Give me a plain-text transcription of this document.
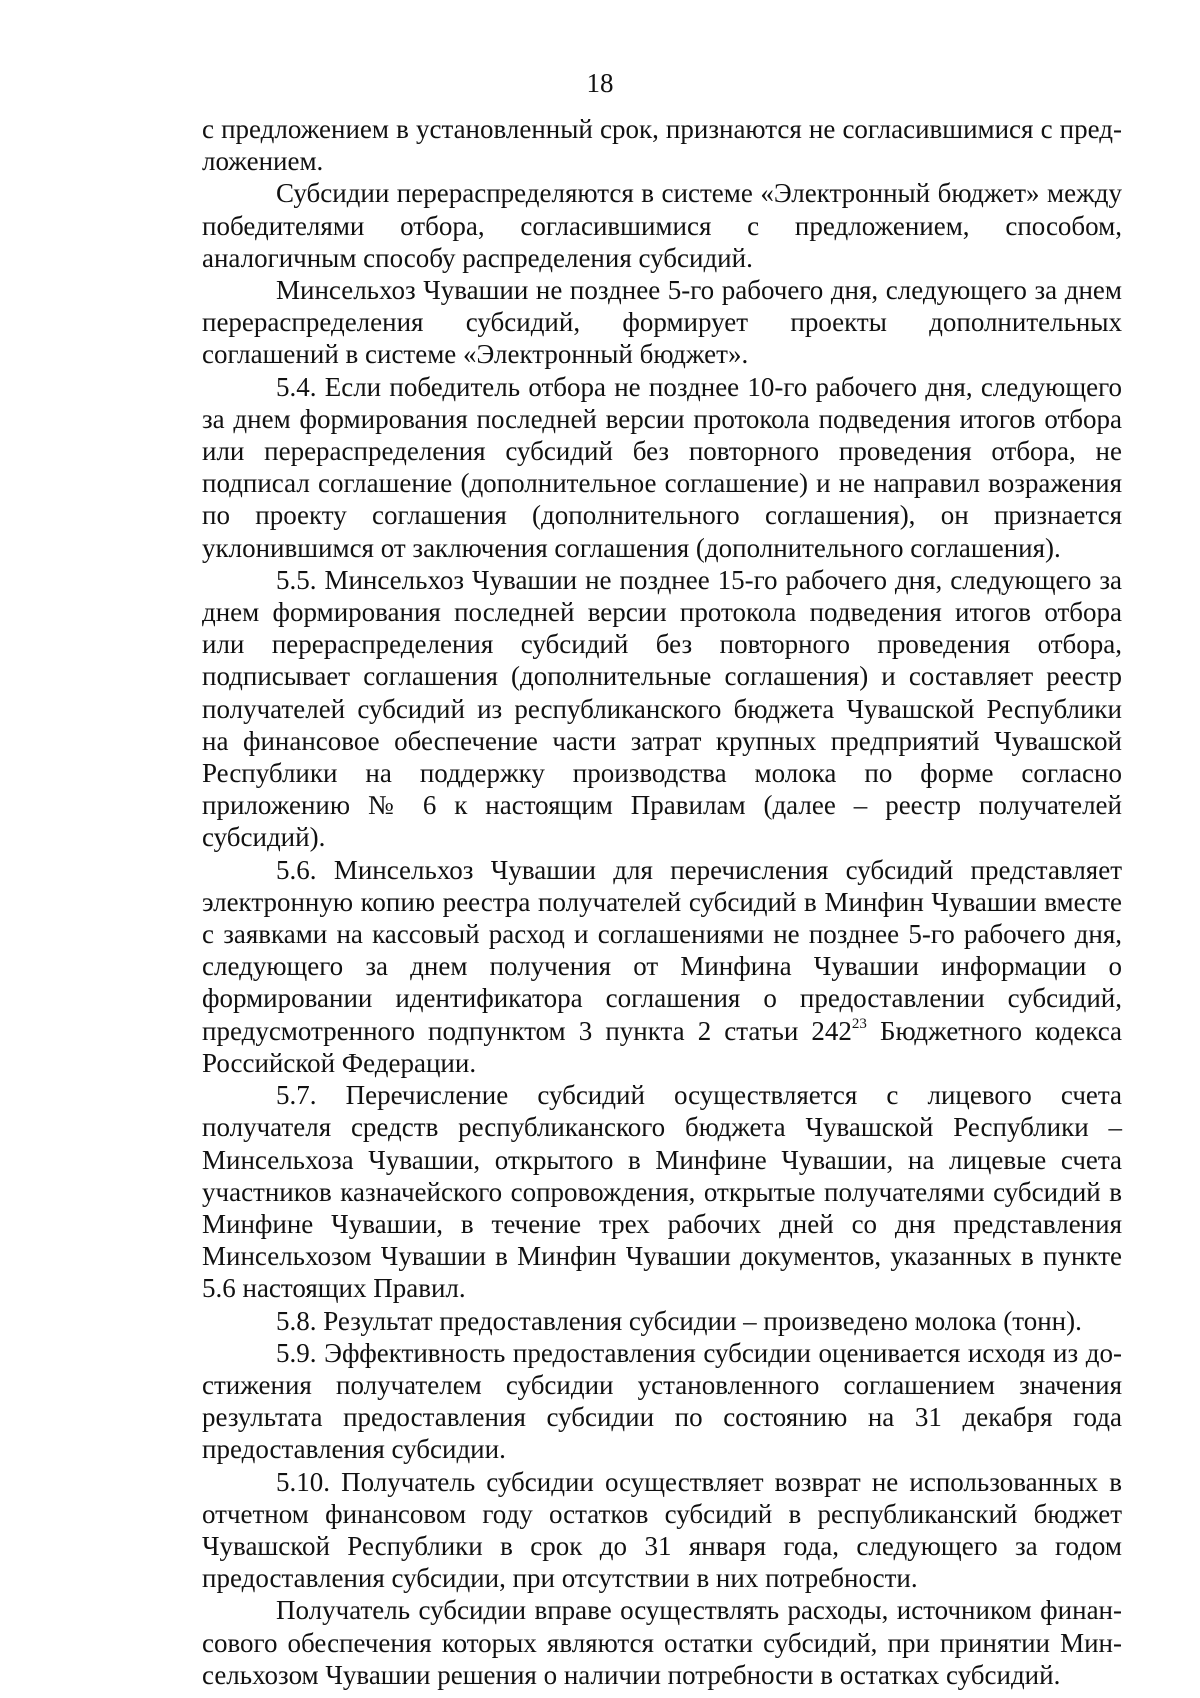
18

с предложением в установленный срок, признаются не согласившимися с предложением.

Субсидии перераспределяются в системе «Электронный бюджет» между победителями отбора, согласившимися с предложением, способом, аналогичным способу распределения субсидий.

Минсельхоз Чувашии не позднее 5-го рабочего дня, следующего за днем перераспределения субсидий, формирует проекты дополнительных соглашений в системе «Электронный бюджет».

5.4. Если победитель отбора не позднее 10-го рабочего дня, следующего за днем формирования последней версии протокола подведения итогов отбора или перераспределения субсидий без повторного проведения отбора, не подписал соглашение (дополнительное соглашение) и не направил возражения по проекту соглашения (дополнительного соглашения), он признается уклонившимся от заключения соглашения (дополнительного соглашения).

5.5. Минсельхоз Чувашии не позднее 15-го рабочего дня, следующего за днем формирования последней версии протокола подведения итогов отбора или перераспределения субсидий без повторного проведения отбора, подписывает соглашения (дополнительные соглашения) и составляет реестр получателей субсидий из республиканского бюджета Чувашской Республики на финансовое обеспечение части затрат крупных предприятий Чувашской Республики на поддержку производства молока по форме согласно приложению № 6 к настоящим Правилам (далее – реестр получателей субсидий).

5.6. Минсельхоз Чувашии для перечисления субсидий представляет электронную копию реестра получателей субсидий в Минфин Чувашии вместе с заявками на кассовый расход и соглашениями не позднее 5-го рабочего дня, следующего за днем получения от Минфина Чувашии информации о формировании идентификатора соглашения о предоставлении субсидий, предусмотренного подпунктом 3 пункта 2 статьи $242^{23}$ Бюджетного кодекса Российской Федерации.

5.7. Перечисление субсидий осуществляется с лицевого счета получателя средств республиканского бюджета Чувашской Республики – Минсельхоза Чувашии, открытого в Минфине Чувашии, на лицевые счета участников казначейского сопровождения, открытые получателями субсидий в Минфине Чувашии, в течение трех рабочих дней со дня представления Минсельхозом Чувашии в Минфин Чувашии документов, указанных в пункте 5.6 настоящих Правил.

5.8. Результат предоставления субсидии – произведено молока (тонн).

5.9. Эффективность предоставления субсидии оценивается исходя из достижения получателем субсидии установленного соглашением значения результата предоставления субсидии по состоянию на 31 декабря года предоставления субсидии.

5.10. Получатель субсидии осуществляет возврат не использованных в отчетном финансовом году остатков субсидий в республиканский бюджет Чувашской Республики в срок до 31 января года, следующего за годом предоставления субсидии, при отсутствии в них потребности.

Получатель субсидии вправе осуществлять расходы, источником финансового обеспечения которых являются остатки субсидий, при принятии Минсельхозом Чувашии решения о наличии потребности в остатках субсидий.
